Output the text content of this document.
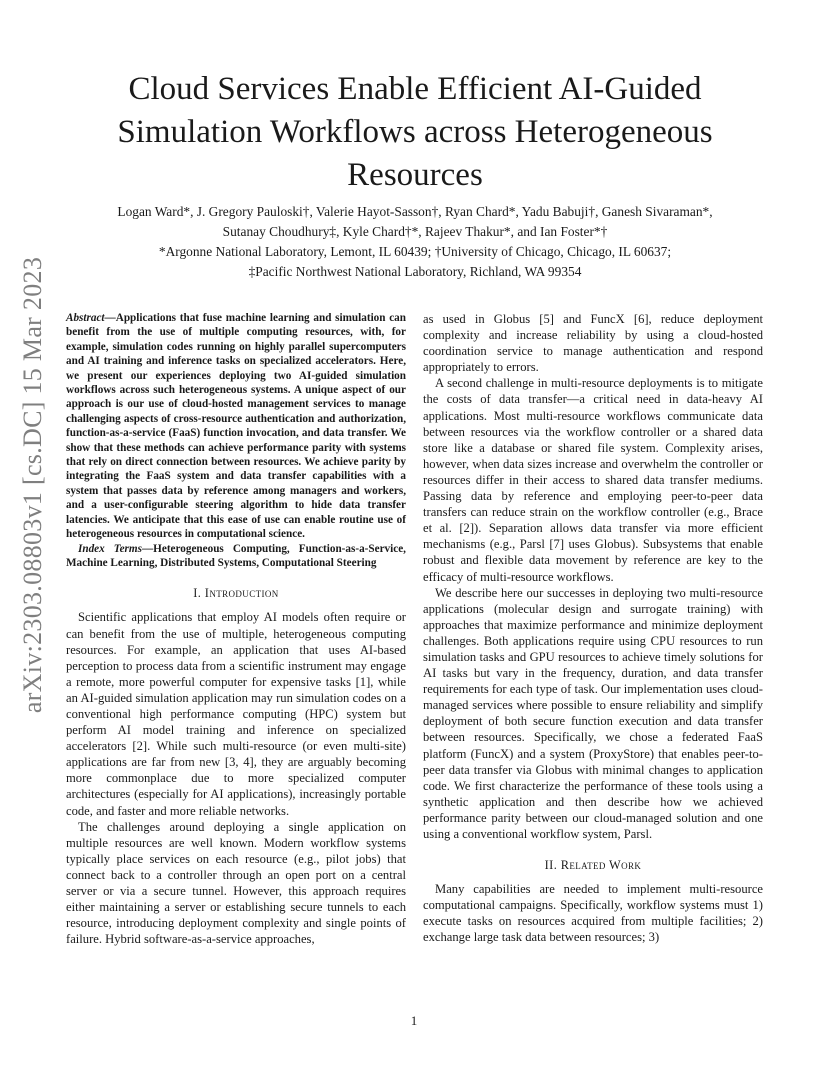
arXiv:2303.08803v1 [cs.DC] 15 Mar 2023
Cloud Services Enable Efficient AI-Guided Simulation Workflows across Heterogeneous Resources
Logan Ward*, J. Gregory Pauloski†, Valerie Hayot-Sasson†, Ryan Chard*, Yadu Babuji†, Ganesh Sivaraman*,
Sutanay Choudhury‡, Kyle Chard†*, Rajeev Thakur*, and Ian Foster*†
*Argonne National Laboratory, Lemont, IL 60439; †University of Chicago, Chicago, IL 60637;
‡Pacific Northwest National Laboratory, Richland, WA 99354

Abstract—Applications that fuse machine learning and simulation can benefit from the use of multiple computing resources, with, for example, simulation codes running on highly parallel supercomputers and AI training and inference tasks on specialized accelerators. Here, we present our experiences deploying two AI-guided simulation workflows across such heterogeneous systems. A unique aspect of our approach is our use of cloud-hosted management services to manage challenging aspects of cross-resource authentication and authorization, function-as-a-service (FaaS) function invocation, and data transfer. We show that these methods can achieve performance parity with systems that rely on direct connection between resources. We achieve parity by integrating the FaaS system and data transfer capabilities with a system that passes data by reference among managers and workers, and a user-configurable steering algorithm to hide data transfer latencies. We anticipate that this ease of use can enable routine use of heterogeneous resources in computational science.

Index Terms—Heterogeneous Computing, Function-as-a-Service, Machine Learning, Distributed Systems, Computational Steering

I. Introduction

Scientific applications that employ AI models often require or can benefit from the use of multiple, heterogeneous computing resources. For example, an application that uses AI-based perception to process data from a scientific instrument may engage a remote, more powerful computer for expensive tasks [1], while an AI-guided simulation application may run simulation codes on a conventional high performance computing (HPC) system but perform AI model training and inference on specialized accelerators [2]. While such multi-resource (or even multi-site) applications are far from new [3, 4], they are arguably becoming more commonplace due to more specialized computer architectures (especially for AI applications), increasingly portable code, and faster and more reliable networks.

The challenges around deploying a single application on multiple resources are well known. Modern workflow systems typically place services on each resource (e.g., pilot jobs) that connect back to a controller through an open port on a central server or via a secure tunnel. However, this approach requires either maintaining a server or establishing secure tunnels to each resource, introducing deployment complexity and single points of failure. Hybrid software-as-a-service approaches,

as used in Globus [5] and FuncX [6], reduce deployment complexity and increase reliability by using a cloud-hosted coordination service to manage authentication and respond appropriately to errors.

A second challenge in multi-resource deployments is to mitigate the costs of data transfer—a critical need in data-heavy AI applications. Most multi-resource workflows communicate data between resources via the workflow controller or a shared data store like a database or shared file system. Complexity arises, however, when data sizes increase and overwhelm the controller or resources differ in their access to shared data transfer mediums. Passing data by reference and employing peer-to-peer data transfers can reduce strain on the workflow controller (e.g., Brace et al. [2]). Separation allows data transfer via more efficient mechanisms (e.g., Parsl [7] uses Globus). Subsystems that enable robust and flexible data movement by reference are key to the efficacy of multi-resource workflows.

We describe here our successes in deploying two multi-resource applications (molecular design and surrogate training) with approaches that maximize performance and minimize deployment challenges. Both applications require using CPU resources to run simulation tasks and GPU resources to achieve timely solutions for AI tasks but vary in the frequency, duration, and data transfer requirements for each type of task. Our implementation uses cloud-managed services where possible to ensure reliability and simplify deployment of both secure function execution and data transfer between resources. Specifically, we chose a federated FaaS platform (FuncX) and a system (ProxyStore) that enables peer-to-peer data transfer via Globus with minimal changes to application code. We first characterize the performance of these tools using a synthetic application and then describe how we achieved performance parity between our cloud-managed solution and one using a conventional workflow system, Parsl.

II. Related Work

Many capabilities are needed to implement multi-resource computational campaigns. Specifically, workflow systems must 1) execute tasks on resources acquired from multiple facilities; 2) exchange large task data between resources; 3)

1
